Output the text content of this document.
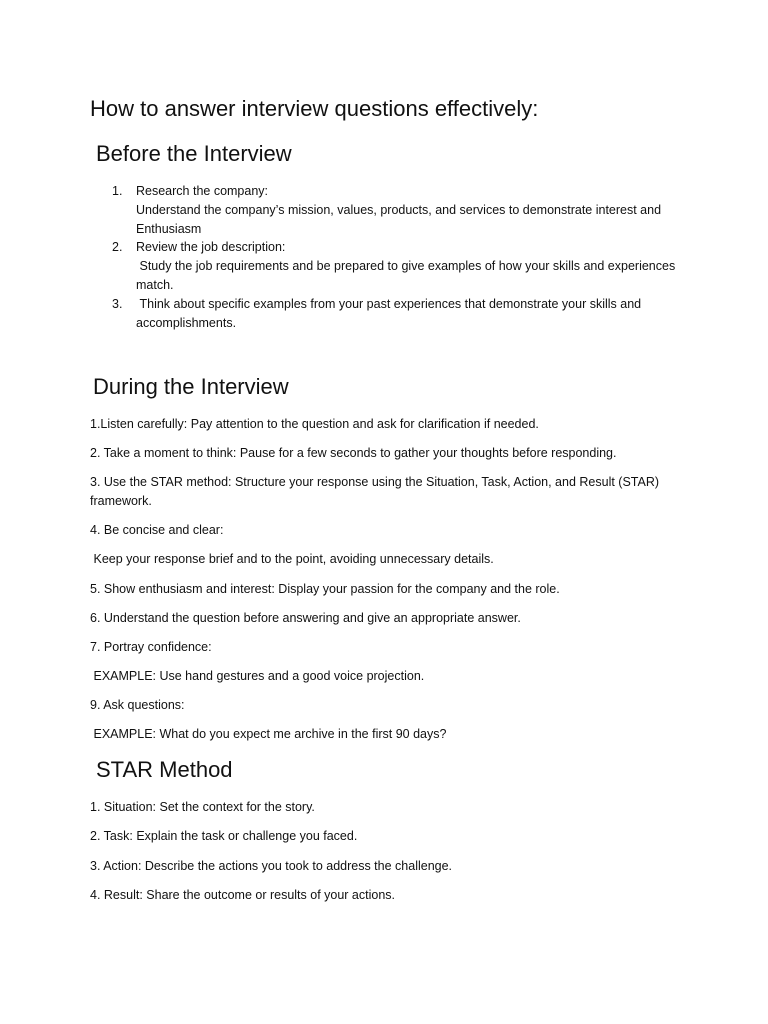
How to answer interview questions effectively:
Before the Interview
1. Research the company:
Understand the company’s mission, values, products, and services to demonstrate interest and Enthusiasm
2. Review the job description:
Study the job requirements and be prepared to give examples of how your skills and experiences match.
3. Think about specific examples from your past experiences that demonstrate your skills and accomplishments.
During the Interview
1.Listen carefully: Pay attention to the question and ask for clarification if needed.
2. Take a moment to think: Pause for a few seconds to gather your thoughts before responding.
3. Use the STAR method: Structure your response using the Situation, Task, Action, and Result (STAR) framework.
4. Be concise and clear:
Keep your response brief and to the point, avoiding unnecessary details.
5. Show enthusiasm and interest: Display your passion for the company and the role.
6. Understand the question before answering and give an appropriate answer.
7. Portray confidence:
EXAMPLE: Use hand gestures and a good voice projection.
9. Ask questions:
EXAMPLE: What do you expect me archive in the first 90 days?
STAR Method
1. Situation: Set the context for the story.
2. Task: Explain the task or challenge you faced.
3. Action: Describe the actions you took to address the challenge.
4. Result: Share the outcome or results of your actions.
